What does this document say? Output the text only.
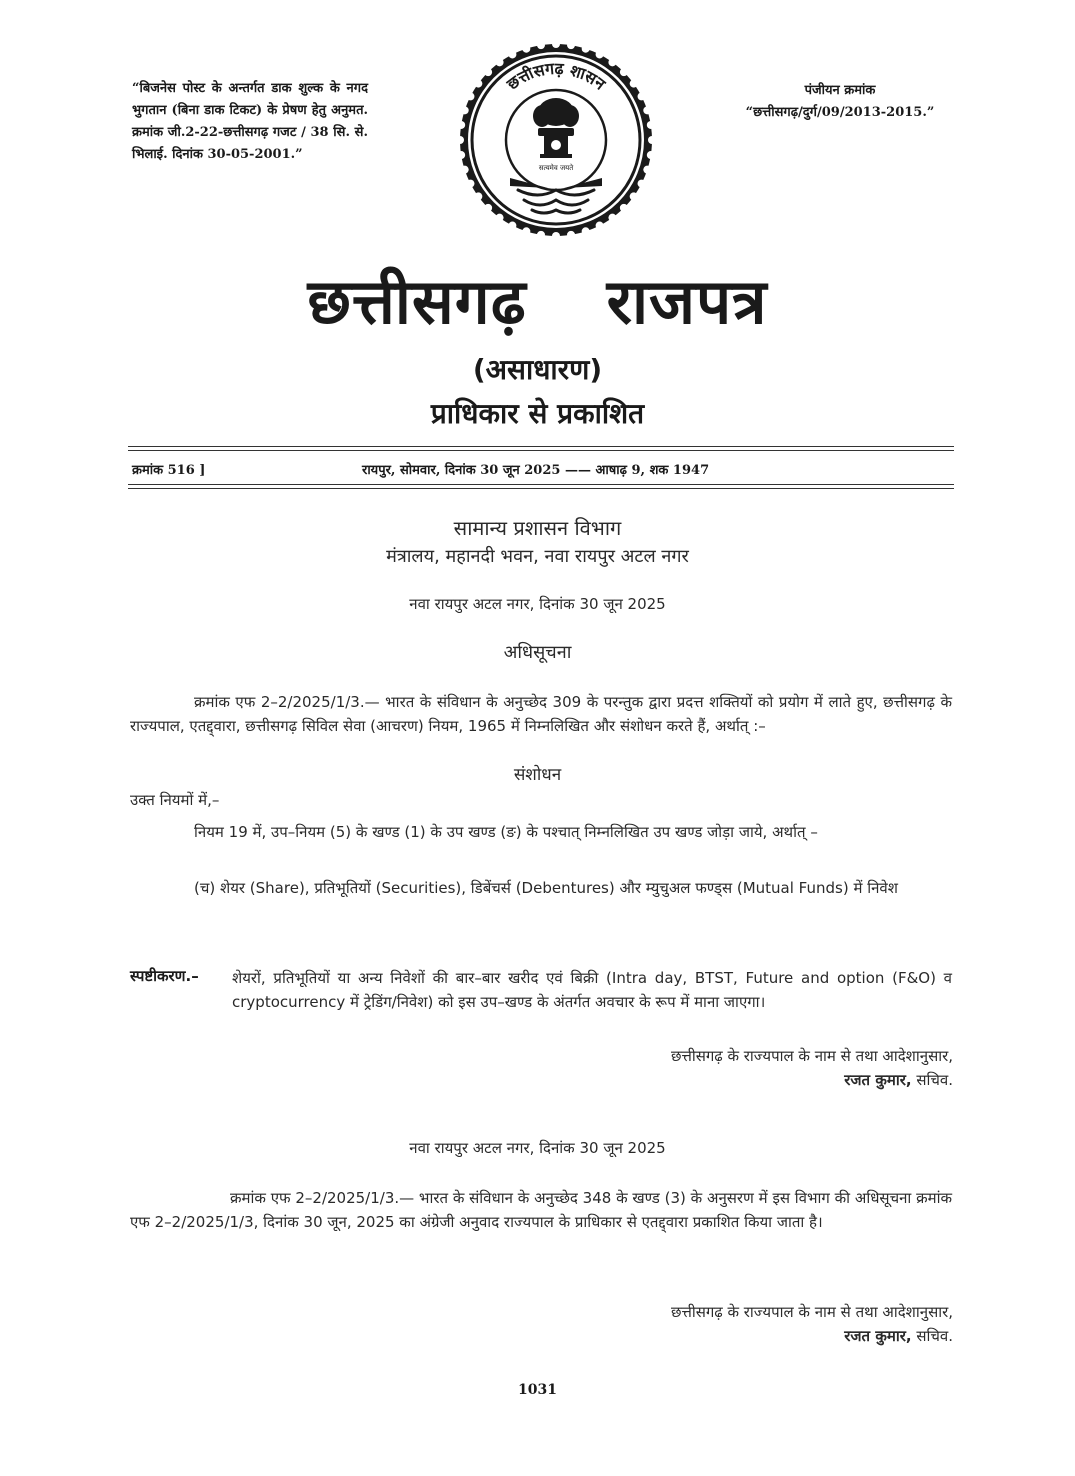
“बिजनेस पोस्ट के अन्तर्गत डाक शुल्क के नगद भुगतान (बिना डाक टिकट) के प्रेषण हेतु अनुमत. क्रमांक जी.2-22-छत्तीसगढ़ गजट / 38 सि. से. भिलाई. दिनांक 30-05-2001.”
पंजीयन क्रमांक
“छत्तीसगढ़/दुर्ग/09/2013-2015.”
छत्तीसगढ़ शासन
सत्यमेव जयते
छत्तीसगढ़ राजपत्र
(असाधारण)
प्राधिकार से प्रकाशित
क्रमांक 516 ]	रायपुर, सोमवार, दिनांक 30 जून 2025 —— आषाढ़ 9, शक 1947
सामान्य प्रशासन विभाग
मंत्रालय, महानदी भवन, नवा रायपुर अटल नगर
नवा रायपुर अटल नगर, दिनांक 30 जून 2025
अधिसूचना
क्रमांक एफ 2–2/2025/1/3.— भारत के संविधान के अनुच्छेद 309 के परन्तुक द्वारा प्रदत्त शक्तियों को प्रयोग में लाते हुए, छत्तीसगढ़ के राज्यपाल, एतद्द्वारा, छत्तीसगढ़ सिविल सेवा (आचरण) नियम, 1965 में निम्नलिखित और संशोधन करते हैं, अर्थात् :–
संशोधन
उक्त नियमों में,–
नियम 19 में, उप–नियम (5) के खण्ड (1) के उप खण्ड (ङ) के पश्चात् निम्नलिखित उप खण्ड जोड़ा जाये, अर्थात् –
(च) शेयर (Share), प्रतिभूतियों (Securities), डिबेंचर्स (Debentures) और म्युचुअल फण्ड्स (Mutual Funds) में निवेश
स्पष्टीकरण.– शेयरों, प्रतिभूतियों या अन्य निवेशों की बार–बार खरीद एवं बिक्री (Intra day, BTST, Future and option (F&O) व cryptocurrency में ट्रेडिंग/निवेश) को इस उप–खण्ड के अंतर्गत अवचार के रूप में माना जाएगा।
छत्तीसगढ़ के राज्यपाल के नाम से तथा आदेशानुसार,
रजत कुमार, सचिव.
नवा रायपुर अटल नगर, दिनांक 30 जून 2025
क्रमांक एफ 2–2/2025/1/3.— भारत के संविधान के अनुच्छेद 348 के खण्ड (3) के अनुसरण में इस विभाग की अधिसूचना क्रमांक एफ 2–2/2025/1/3, दिनांक 30 जून, 2025 का अंग्रेजी अनुवाद राज्यपाल के प्राधिकार से एतद्द्वारा प्रकाशित किया जाता है।
छत्तीसगढ़ के राज्यपाल के नाम से तथा आदेशानुसार,
रजत कुमार, सचिव.
1031
